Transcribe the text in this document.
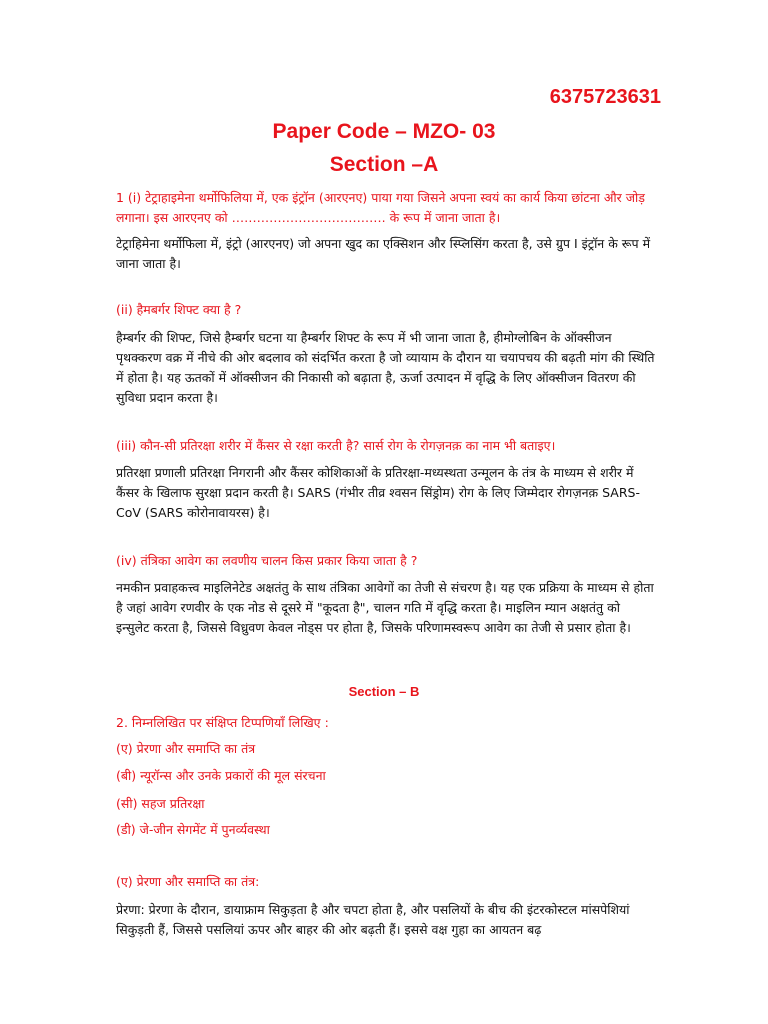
6375723631
Paper Code – MZO- 03
Section –A

1 (i) टेट्राहाइमेना थर्मोफिलिया में, एक इंट्रॉन (आरएनए) पाया गया जिसने अपना स्वयं का कार्य किया छांटना और जोड़ लगाना। इस आरएनए को ………………………………. के रूप में जाना जाता है।

टेट्राहिमेना थर्मोफिला में, इंट्रो (आरएनए) जो अपना खुद का एक्सिशन और स्प्लिसिंग करता है, उसे ग्रुप I इंट्रॉन के रूप में जाना जाता है।

(ii) हैमबर्गर शिफ्ट क्या है ?

हैम्बर्गर की शिफ्ट, जिसे हैम्बर्गर घटना या हैम्बर्गर शिफ्ट के रूप में भी जाना जाता है, हीमोग्लोबिन के ऑक्सीजन पृथक्करण वक्र में नीचे की ओर बदलाव को संदर्भित करता है जो व्यायाम के दौरान या चयापचय की बढ़ती मांग की स्थिति में होता है। यह ऊतकों में ऑक्सीजन की निकासी को बढ़ाता है, ऊर्जा उत्पादन में वृद्धि के लिए ऑक्सीजन वितरण की सुविधा प्रदान करता है।

(iii) कौन-सी प्रतिरक्षा शरीर में कैंसर से रक्षा करती है? सार्स रोग के रोगज़नक़ का नाम भी बताइए।

प्रतिरक्षा प्रणाली प्रतिरक्षा निगरानी और कैंसर कोशिकाओं के प्रतिरक्षा-मध्यस्थता उन्मूलन के तंत्र के माध्यम से शरीर में कैंसर के खिलाफ सुरक्षा प्रदान करती है। SARS (गंभीर तीव्र श्वसन सिंड्रोम) रोग के लिए जिम्मेदार रोगज़नक़ SARS-CoV (SARS कोरोनावायरस) है।

(iv) तंत्रिका आवेग का लवणीय चालन किस प्रकार किया जाता है ?

नमकीन प्रवाहकत्त्व माइलिनेटेड अक्षतंतु के साथ तंत्रिका आवेगों का तेजी से संचरण है। यह एक प्रक्रिया के माध्यम से होता है जहां आवेग रणवीर के एक नोड से दूसरे में "कूदता है", चालन गति में वृद्धि करता है। माइलिन म्यान अक्षतंतु को इन्सुलेट करता है, जिससे विध्रुवण केवल नोड्स पर होता है, जिसके परिणामस्वरूप आवेग का तेजी से प्रसार होता है।

Section – B

2. निम्नलिखित पर संक्षिप्त टिप्पणियाँ लिखिए :

(ए) प्रेरणा और समाप्ति का तंत्र

(बी) न्यूरॉन्स और उनके प्रकारों की मूल संरचना

(सी) सहज प्रतिरक्षा

(डी) जे-जीन सेगमेंट में पुनर्व्यवस्था

(ए) प्रेरणा और समाप्ति का तंत्र:

प्रेरणा: प्रेरणा के दौरान, डायाफ्राम सिकुड़ता है और चपटा होता है, और पसलियों के बीच की इंटरकोस्टल मांसपेशियां सिकुड़ती हैं, जिससे पसलियां ऊपर और बाहर की ओर बढ़ती हैं। इससे वक्ष गुहा का आयतन बढ़
